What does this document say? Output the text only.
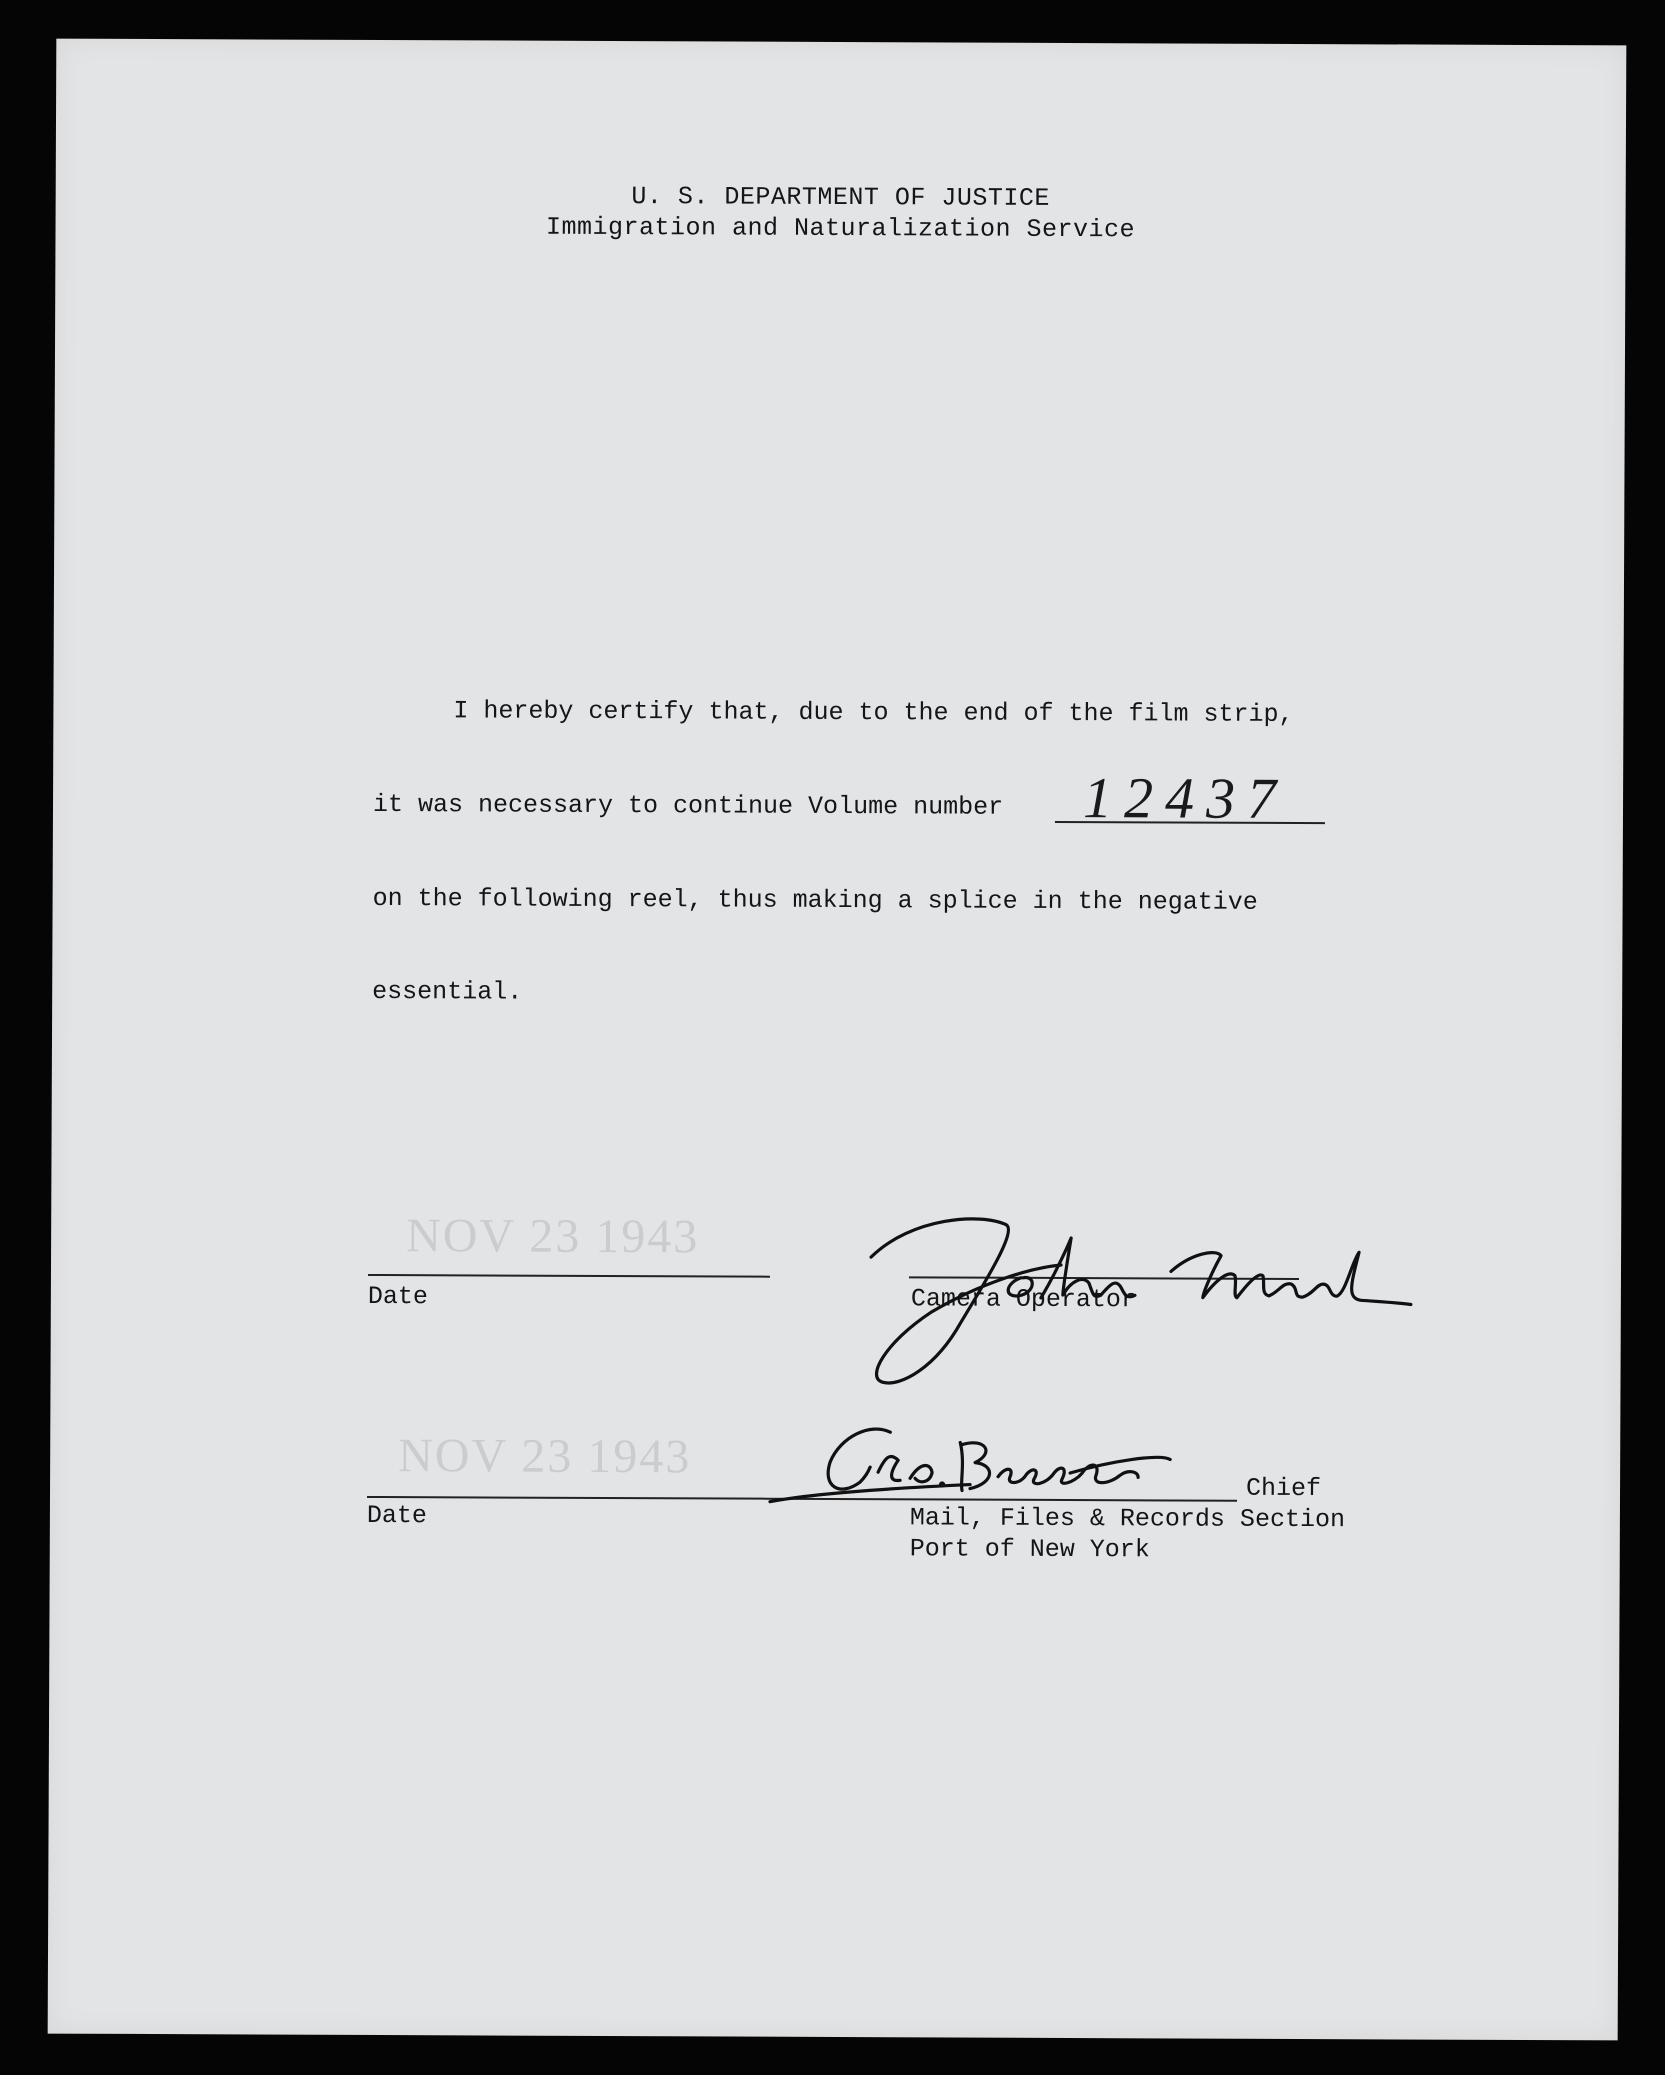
U. S. DEPARTMENT OF JUSTICE
Immigration and Naturalization Service
I hereby certify that, due to the end of the film strip,
it was necessary to continue Volume number 12437
on the following reel, thus making a splice in the negative
essential.
NOV 23 1943
Date	Camera Operator
NOV 23 1943
Date
Chief
Mail, Files & Records Section
Port of New York
